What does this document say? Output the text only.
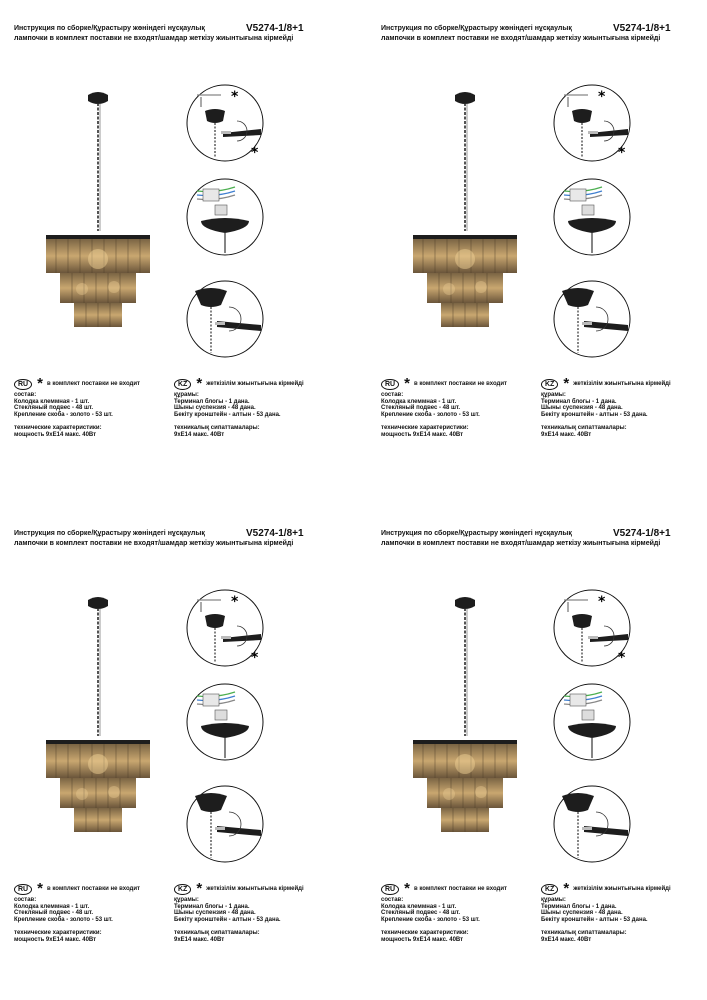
Инструкция по сборке/Құрастыру жөніндегі нұсқаулық	V5274-1/8+1
лампочки в комплект поставки не входят/шамдар жеткізу жиынтығына кірмейді
*
*
RU * в комплект поставки не входит
состав:
Колодка клеммная - 1 шт.
Стекляный подвес - 48 шт.
Крепление скоба - золото - 53 шт.
технические характеристики:
мощность 9хE14 макс. 40Вт
KZ * жеткізілім жиынтығына кірмейді
құрамы:
Терминал блогы - 1 дана.
Шыны суспензия - 48 дана.
Бекіту кронштейн - алтын - 53 дана.
техникалық сипаттамалары:
9хE14 макс. 40Вт
Инструкция по сборке/Құрастыру жөніндегі нұсқаулық	V5274-1/8+1
лампочки в комплект поставки не входят/шамдар жеткізу жиынтығына кірмейді
*
*
RU * в комплект поставки не входит
состав:
Колодка клеммная - 1 шт.
Стекляный подвес - 48 шт.
Крепление скоба - золото - 53 шт.
технические характеристики:
мощность 9хE14 макс. 40Вт
KZ * жеткізілім жиынтығына кірмейді
құрамы:
Терминал блогы - 1 дана.
Шыны суспензия - 48 дана.
Бекіту кронштейн - алтын - 53 дана.
техникалық сипаттамалары:
9хE14 макс. 40Вт
Инструкция по сборке/Құрастыру жөніндегі нұсқаулық	V5274-1/8+1
лампочки в комплект поставки не входят/шамдар жеткізу жиынтығына кірмейді
*
*
RU * в комплект поставки не входит
состав:
Колодка клеммная - 1 шт.
Стекляный подвес - 48 шт.
Крепление скоба - золото - 53 шт.
технические характеристики:
мощность 9хE14 макс. 40Вт
KZ * жеткізілім жиынтығына кірмейді
құрамы:
Терминал блогы - 1 дана.
Шыны суспензия - 48 дана.
Бекіту кронштейн - алтын - 53 дана.
техникалық сипаттамалары:
9хE14 макс. 40Вт
Инструкция по сборке/Құрастыру жөніндегі нұсқаулық	V5274-1/8+1
лампочки в комплект поставки не входят/шамдар жеткізу жиынтығына кірмейді
*
*
RU * в комплект поставки не входит
состав:
Колодка клеммная - 1 шт.
Стекляный подвес - 48 шт.
Крепление скоба - золото - 53 шт.
технические характеристики:
мощность 9хE14 макс. 40Вт
KZ * жеткізілім жиынтығына кірмейді
құрамы:
Терминал блогы - 1 дана.
Шыны суспензия - 48 дана.
Бекіту кронштейн - алтын - 53 дана.
техникалық сипаттамалары:
9хE14 макс. 40Вт
